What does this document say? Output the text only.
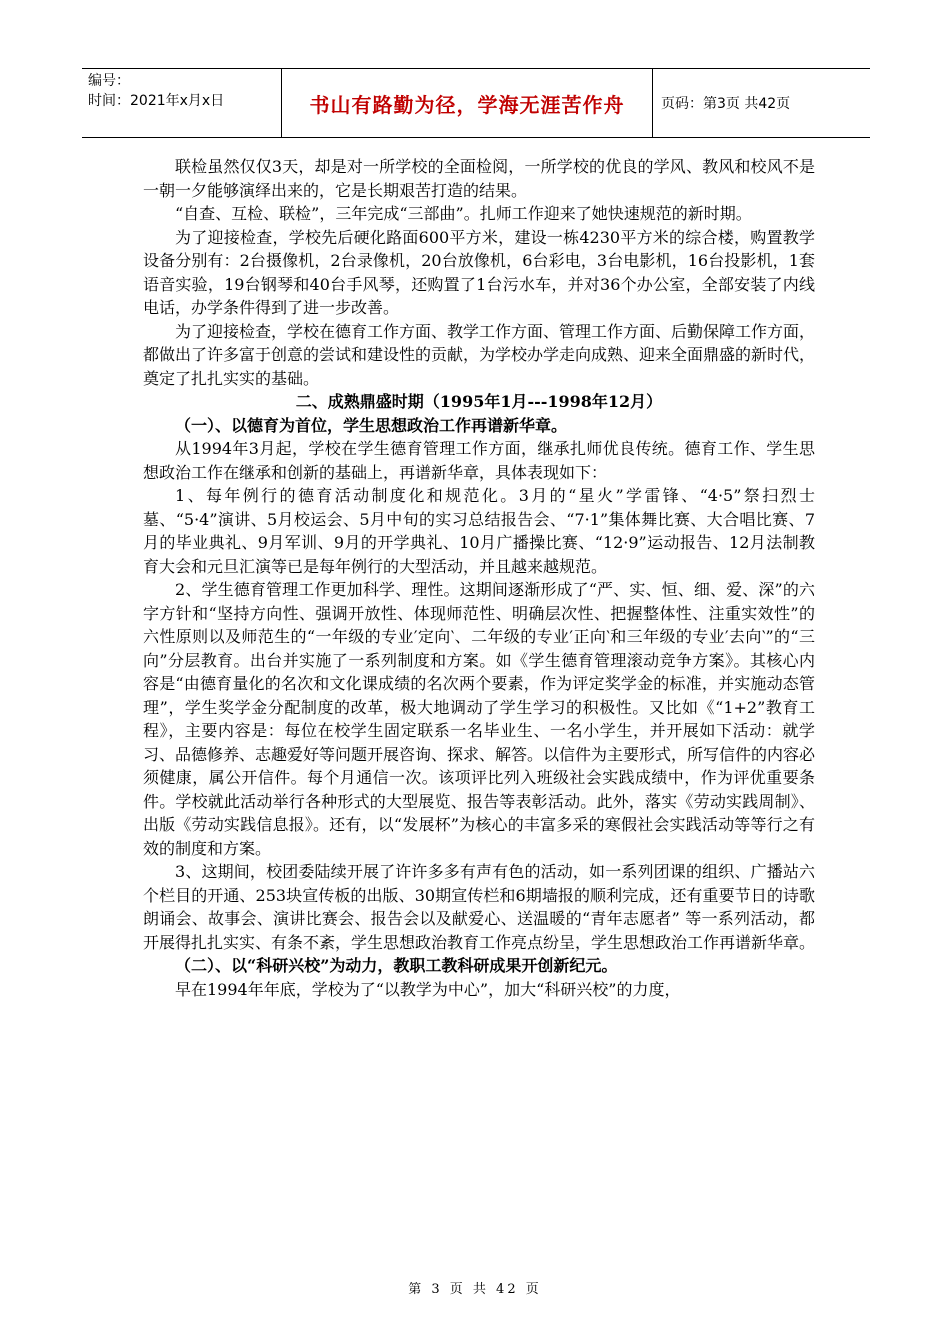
编号：
时间：2021年x月x日	书山有路勤为径，学海无涯苦作舟	页码：第3页 共42页

联检虽然仅仅3天，却是对一所学校的全面检阅，一所学校的优良的学风、教风和校风不是一朝一夕能够演绎出来的，它是长期艰苦打造的结果。

“自查、互检、联检”，三年完成“三部曲”。扎师工作迎来了她快速规范的新时期。

为了迎接检查，学校先后硬化路面600平方米，建设一栋4230平方米的综合楼，购置教学设备分别有：2台摄像机，2台录像机，20台放像机，6台彩电，3台电影机，16台投影机，1套语音实验，19台钢琴和40台手风琴，还购置了1台污水车，并对36个办公室，全部安装了内线电话，办学条件得到了进一步改善。

为了迎接检查，学校在德育工作方面、教学工作方面、管理工作方面、后勤保障工作方面，都做出了许多富于创意的尝试和建设性的贡献，为学校办学走向成熟、迎来全面鼎盛的新时代，奠定了扎扎实实的基础。

二、成熟鼎盛时期（1995年1月---1998年12月）
（一）、以德育为首位，学生思想政治工作再谱新华章。

从1994年3月起，学校在学生德育管理工作方面，继承扎师优良传统。德育工作、学生思想政治工作在继承和创新的基础上，再谱新华章，具体表现如下：

1、每年例行的德育活动制度化和规范化。3月的“星火”学雷锋、“4·5”祭扫烈士墓、“5·4”演讲、5月校运会、5月中旬的实习总结报告会、“7·1”集体舞比赛、大合唱比赛、7月的毕业典礼、9月军训、9月的开学典礼、10月广播操比赛、“12·9”运动报告、12月法制教育大会和元旦汇演等已是每年例行的大型活动，并且越来越规范。

2、学生德育管理工作更加科学、理性。这期间逐渐形成了“严、实、恒、细、爱、深”的六字方针和“坚持方向性、强调开放性、体现师范性、明确层次性、把握整体性、注重实效性”的六性原则以及师范生的“一年级的专业′定向‵、二年级的专业′正向‵和三年级的专业′去向‵”的“三向”分层教育。出台并实施了一系列制度和方案。如《学生德育管理滚动竞争方案》。其核心内容是“由德育量化的名次和文化课成绩的名次两个要素，作为评定奖学金的标准，并实施动态管理”，学生奖学金分配制度的改革，极大地调动了学生学习的积极性。又比如《“1+2”教育工程》，主要内容是：每位在校学生固定联系一名毕业生、一名小学生，并开展如下活动：就学习、品德修养、志趣爱好等问题开展咨询、探求、解答。以信件为主要形式，所写信件的内容必须健康，属公开信件。每个月通信一次。该项评比列入班级社会实践成绩中，作为评优重要条件。学校就此活动举行各种形式的大型展览、报告等表彰活动。此外，落实《劳动实践周制》、出版《劳动实践信息报》。还有，以“发展杯”为核心的丰富多采的寒假社会实践活动等等行之有效的制度和方案。

3、这期间，校团委陆续开展了许许多多有声有色的活动，如一系列团课的组织、广播站六个栏目的开通、253块宣传板的出版、30期宣传栏和6期墙报的顺利完成，还有重要节日的诗歌朗诵会、故事会、演讲比赛会、报告会以及献爱心、送温暖的“青年志愿者” 等一系列活动，都开展得扎扎实实、有条不紊，学生思想政治教育工作亮点纷呈，学生思想政治工作再谱新华章。

（二）、以“科研兴校”为动力，教职工教科研成果开创新纪元。

早在1994年年底，学校为了“以教学为中心”，加大“科研兴校”的力度，

第 3 页 共 42 页
